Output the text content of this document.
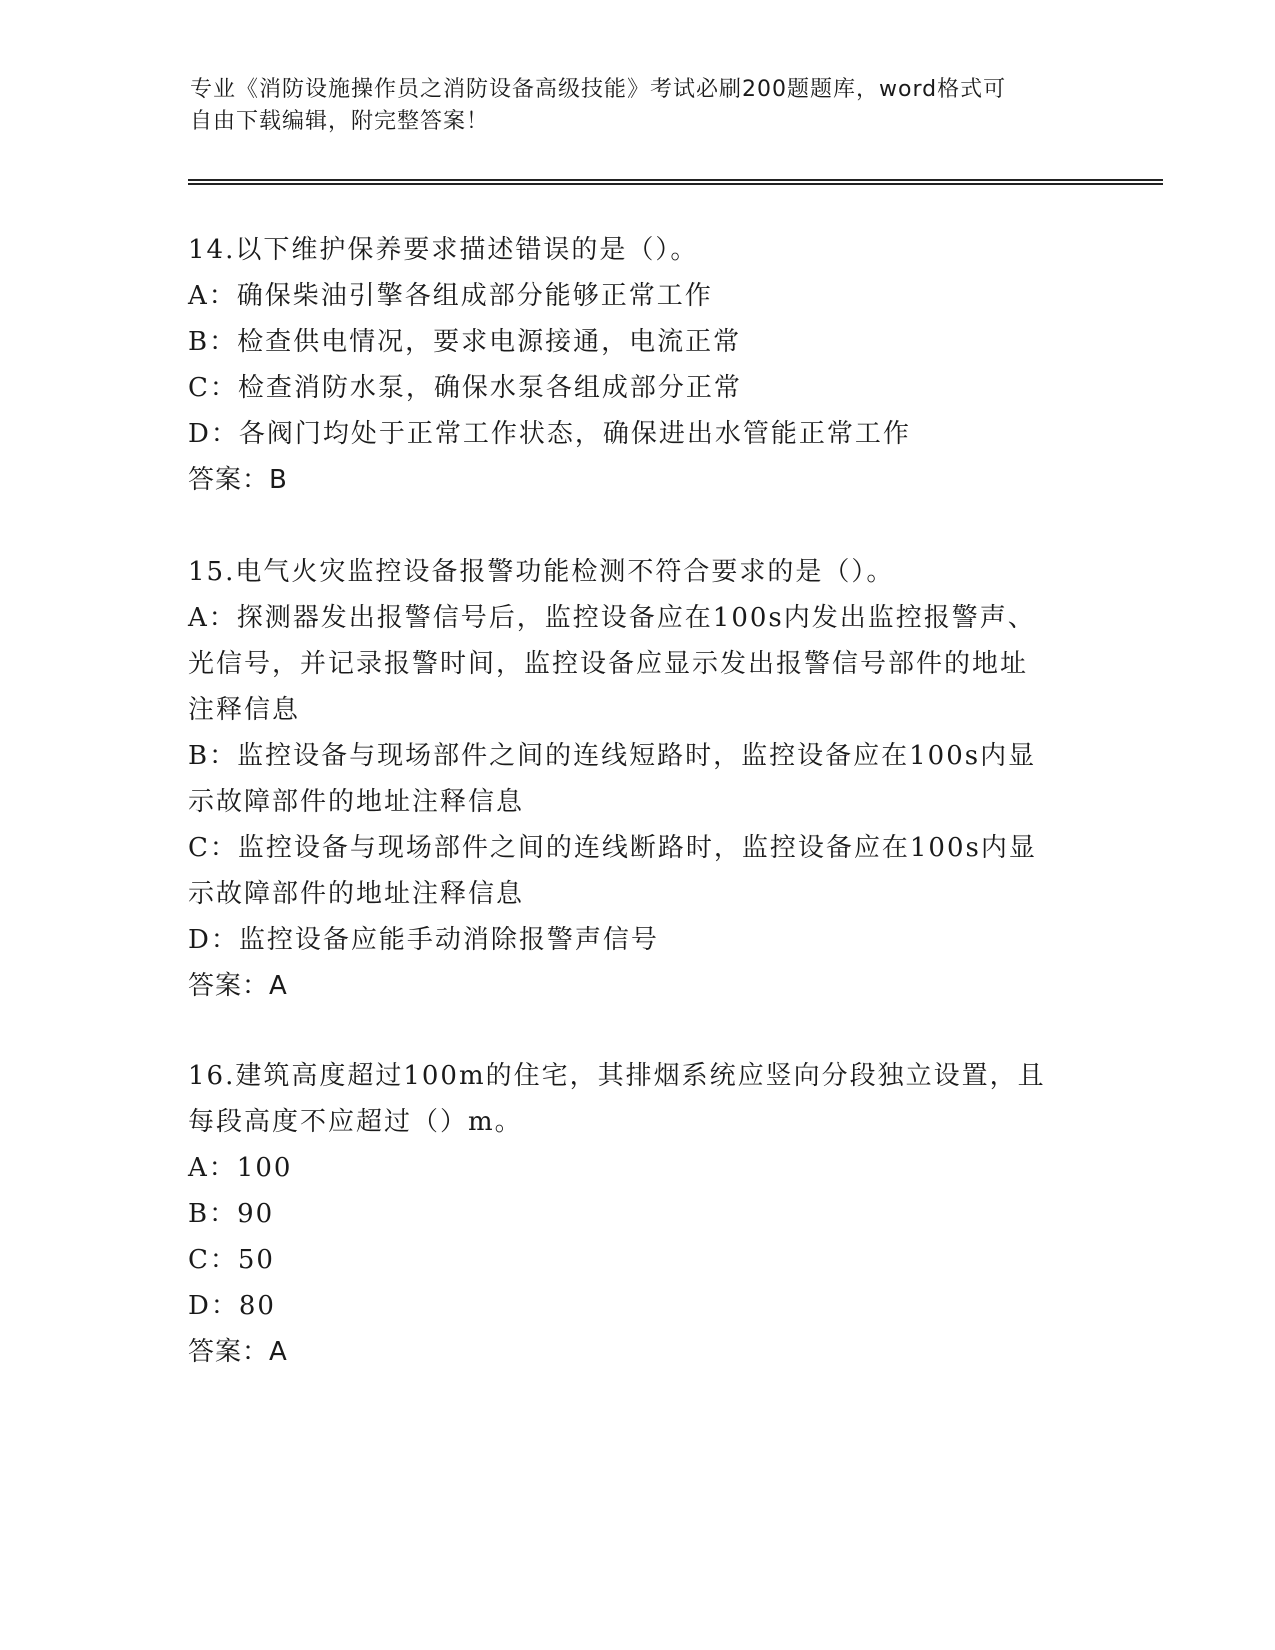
专业《消防设施操作员之消防设备高级技能》考试必刷200题题库，word格式可
自由下载编辑，附完整答案！
14.以下维护保养要求描述错误的是（）。
A：确保柴油引擎各组成部分能够正常工作
B：检查供电情况，要求电源接通，电流正常
C：检查消防水泵，确保水泵各组成部分正常
D：各阀门均处于正常工作状态，确保进出水管能正常工作
答案：B
15.电气火灾监控设备报警功能检测不符合要求的是（）。
A：探测器发出报警信号后，监控设备应在100s内发出监控报警声、
光信号，并记录报警时间，监控设备应显示发出报警信号部件的地址
注释信息
B：监控设备与现场部件之间的连线短路时，监控设备应在100s内显
示故障部件的地址注释信息
C：监控设备与现场部件之间的连线断路时，监控设备应在100s内显
示故障部件的地址注释信息
D：监控设备应能手动消除报警声信号
答案：A
16.建筑高度超过100m的住宅，其排烟系统应竖向分段独立设置，且
每段高度不应超过（）m。
A：100
B：90
C：50
D：80
答案：A
